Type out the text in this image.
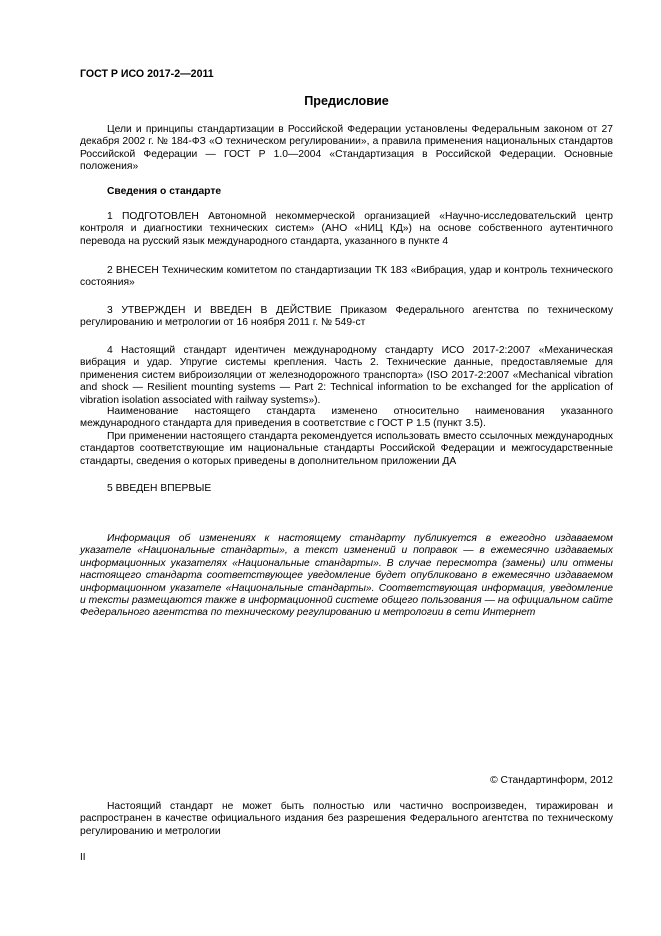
ГОСТ Р ИСО 2017-2—2011
Предисловие

Цели и принципы стандартизации в Российской Федерации установлены Федеральным законом от 27 декабря 2002 г. № 184-ФЗ «О техническом регулировании», а правила применения национальных стандартов Российской Федерации — ГОСТ Р 1.0—2004 «Стандартизация в Российской Федерации. Основные положения»

Сведения о стандарте

1 ПОДГОТОВЛЕН Автономной некоммерческой организацией «Научно-исследовательский центр контроля и диагностики технических систем» (АНО «НИЦ КД») на основе собственного аутентичного перевода на русский язык международного стандарта, указанного в пункте 4

2 ВНЕСЕН Техническим комитетом по стандартизации ТК 183 «Вибрация, удар и контроль технического состояния»

3 УТВЕРЖДЕН И ВВЕДЕН В ДЕЙСТВИЕ Приказом Федерального агентства по техническому регулированию и метрологии от 16 ноября 2011 г. № 549-ст

4 Настоящий стандарт идентичен международному стандарту ИСО 2017-2:2007 «Механическая вибрация и удар. Упругие системы крепления. Часть 2. Технические данные, предоставляемые для применения систем виброизоляции от железнодорожного транспорта» (ISO 2017-2:2007 «Mechanical vibration and shock — Resilient mounting systems — Part 2: Technical information to be exchanged for the application of vibration isolation associated with railway systems»).

Наименование настоящего стандарта изменено относительно наименования указанного международного стандарта для приведения в соответствие с ГОСТ Р 1.5 (пункт 3.5).

При применении настоящего стандарта рекомендуется использовать вместо ссылочных международных стандартов соответствующие им национальные стандарты Российской Федерации и межгосударственные стандарты, сведения о которых приведены в дополнительном приложении ДА

5 ВВЕДЕН ВПЕРВЫЕ

Информация об изменениях к настоящему стандарту публикуется в ежегодно издаваемом указателе «Национальные стандарты», а текст изменений и поправок — в ежемесячно издаваемых информационных указателях «Национальные стандарты». В случае пересмотра (замены) или отмены настоящего стандарта соответствующее уведомление будет опубликовано в ежемесячно издаваемом информационном указателе «Национальные стандарты». Соответствующая информация, уведомление и тексты размещаются также в информационной системе общего пользования — на официальном сайте Федерального агентства по техническому регулированию и метрологии в сети Интернет

© Стандартинформ, 2012

Настоящий стандарт не может быть полностью или частично воспроизведен, тиражирован и распространен в качестве официального издания без разрешения Федерального агентства по техническому регулированию и метрологии

II
